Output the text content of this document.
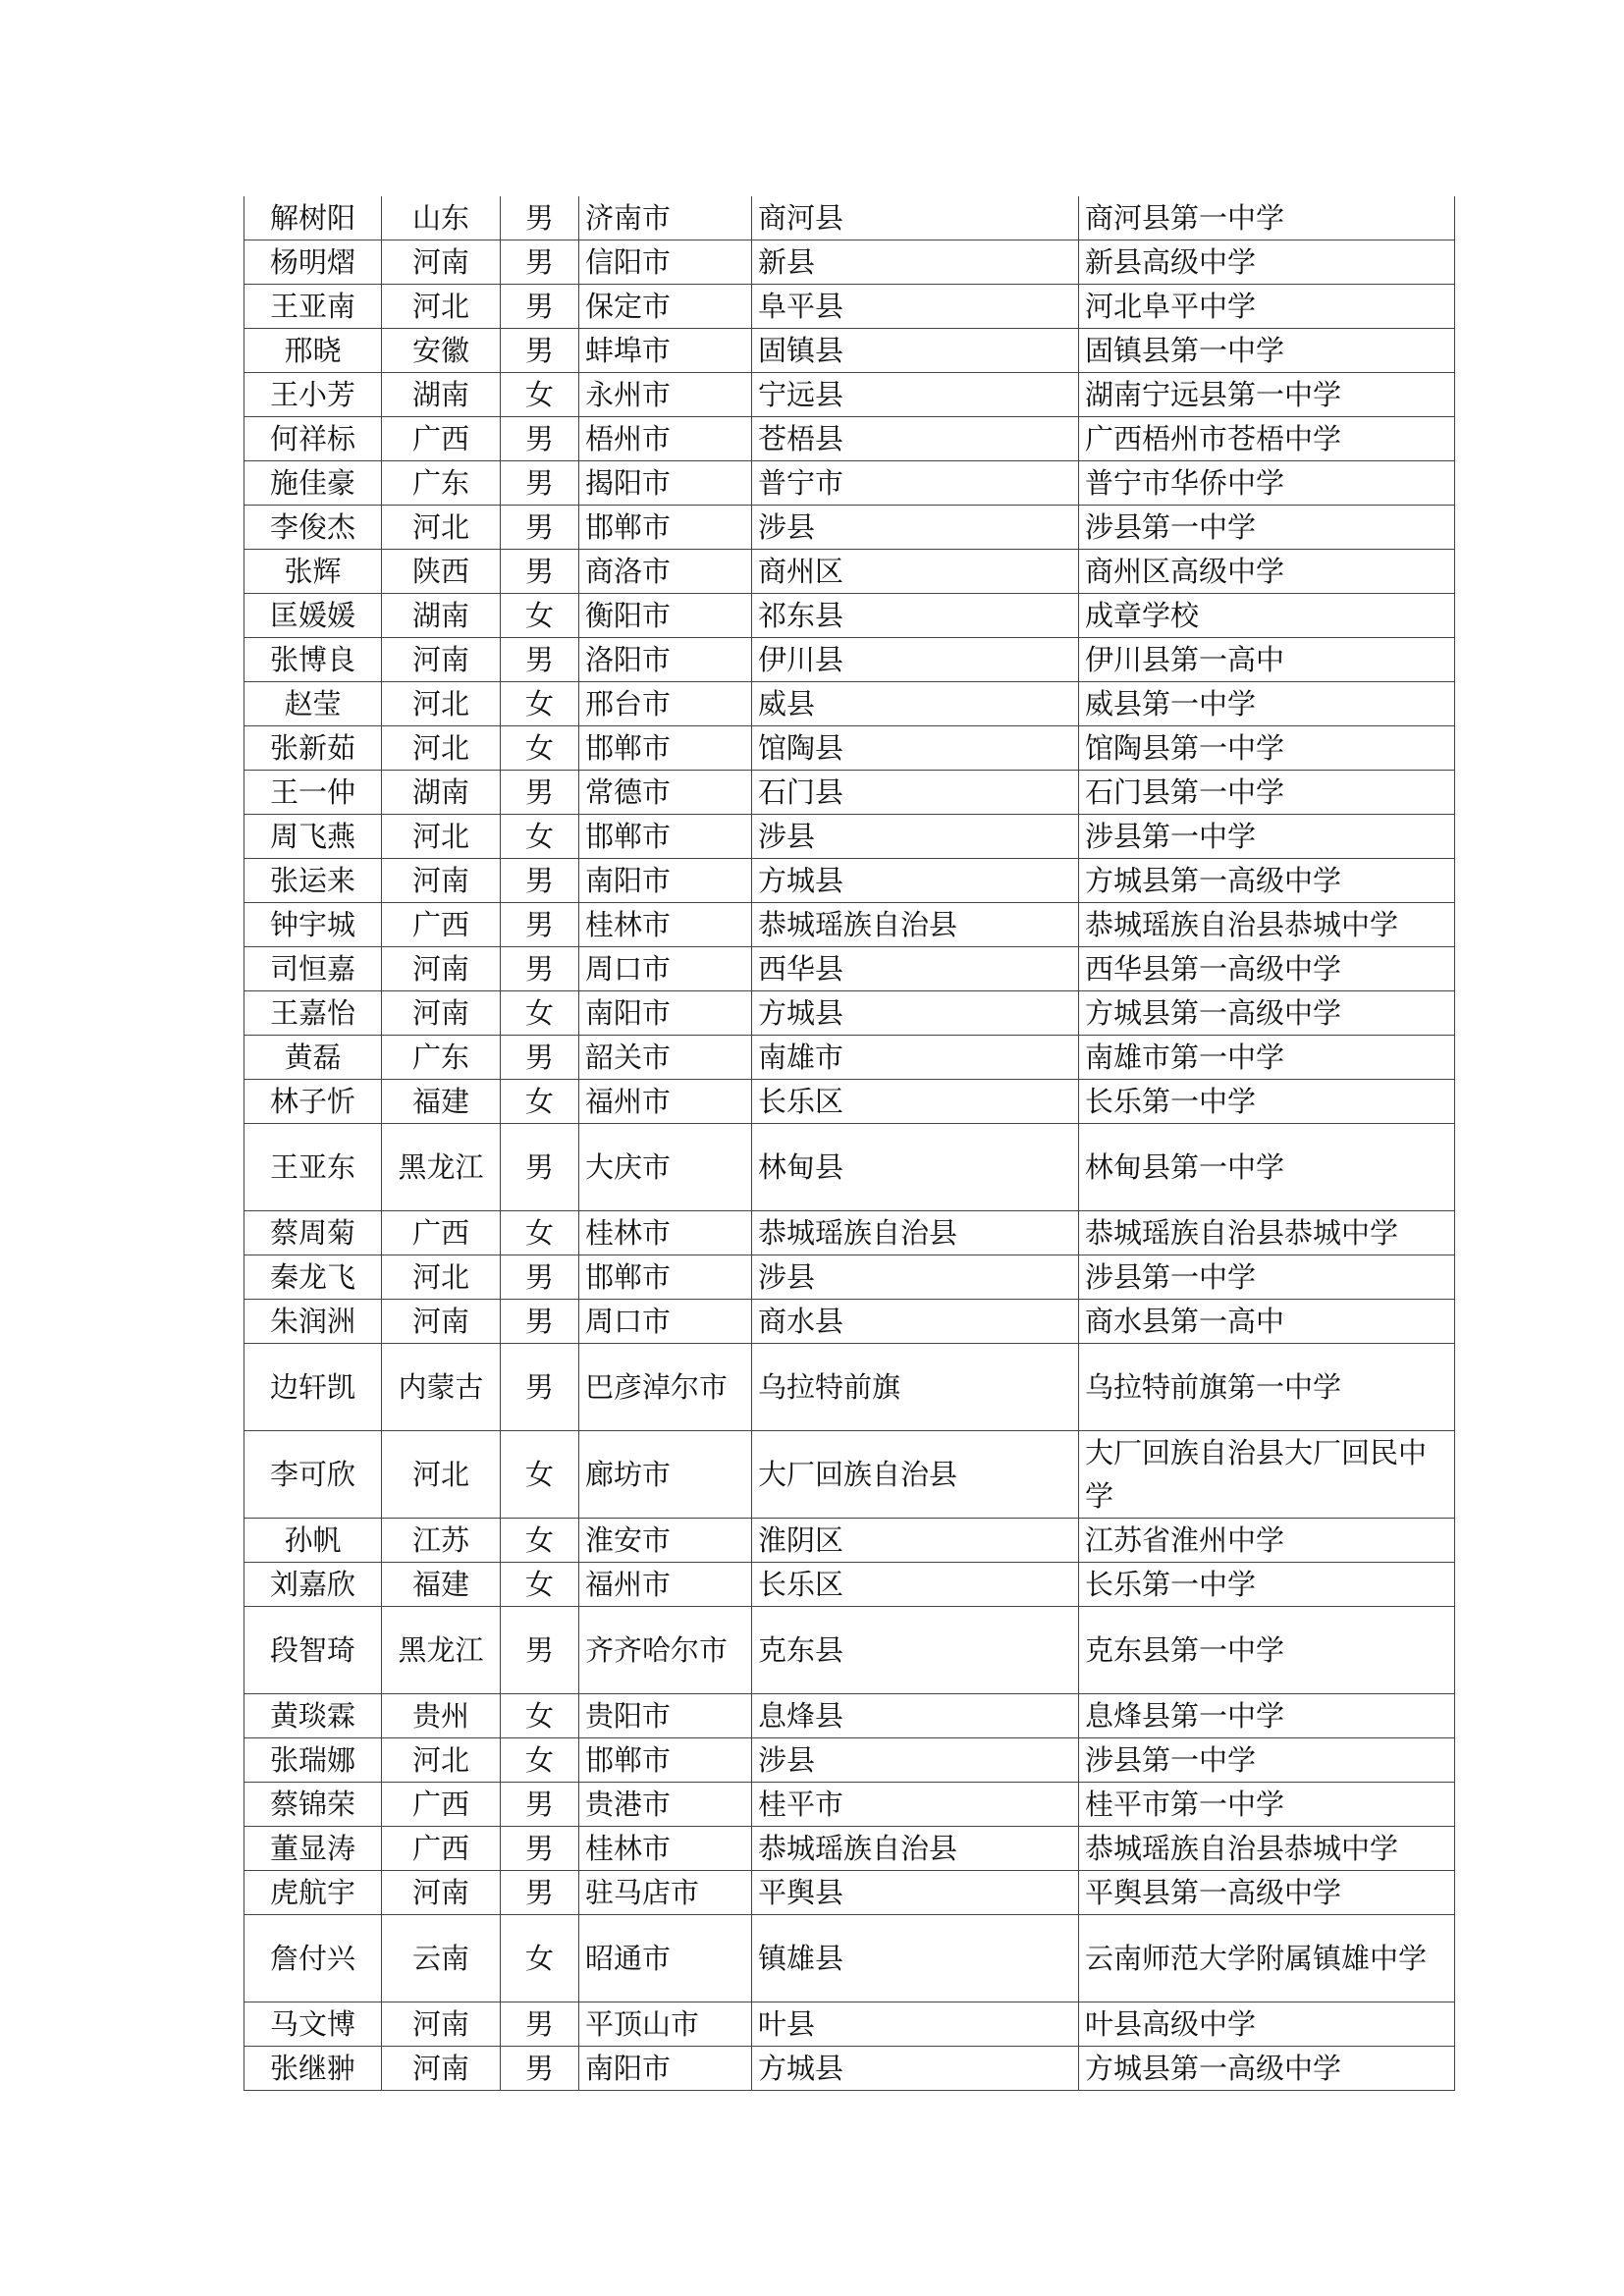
解树阳	山东	男	济南市	商河县	商河县第一中学
杨明熠	河南	男	信阳市	新县	新县高级中学
王亚南	河北	男	保定市	阜平县	河北阜平中学
邢晓	安徽	男	蚌埠市	固镇县	固镇县第一中学
王小芳	湖南	女	永州市	宁远县	湖南宁远县第一中学
何祥标	广西	男	梧州市	苍梧县	广西梧州市苍梧中学
施佳豪	广东	男	揭阳市	普宁市	普宁市华侨中学
李俊杰	河北	男	邯郸市	涉县	涉县第一中学
张辉	陕西	男	商洛市	商州区	商州区高级中学
匡媛媛	湖南	女	衡阳市	祁东县	成章学校
张博良	河南	男	洛阳市	伊川县	伊川县第一高中
赵莹	河北	女	邢台市	威县	威县第一中学
张新茹	河北	女	邯郸市	馆陶县	馆陶县第一中学
王一仲	湖南	男	常德市	石门县	石门县第一中学
周飞燕	河北	女	邯郸市	涉县	涉县第一中学
张运来	河南	男	南阳市	方城县	方城县第一高级中学
钟宇城	广西	男	桂林市	恭城瑶族自治县	恭城瑶族自治县恭城中学
司恒嘉	河南	男	周口市	西华县	西华县第一高级中学
王嘉怡	河南	女	南阳市	方城县	方城县第一高级中学
黄磊	广东	男	韶关市	南雄市	南雄市第一中学
林子忻	福建	女	福州市	长乐区	长乐第一中学
王亚东	黑龙江	男	大庆市	林甸县	林甸县第一中学
蔡周菊	广西	女	桂林市	恭城瑶族自治县	恭城瑶族自治县恭城中学
秦龙飞	河北	男	邯郸市	涉县	涉县第一中学
朱润洲	河南	男	周口市	商水县	商水县第一高中
边轩凯	内蒙古	男	巴彦淖尔市	乌拉特前旗	乌拉特前旗第一中学
李可欣	河北	女	廊坊市	大厂回族自治县	大厂回族自治县大厂回民中学
孙帆	江苏	女	淮安市	淮阴区	江苏省淮州中学
刘嘉欣	福建	女	福州市	长乐区	长乐第一中学
段智琦	黑龙江	男	齐齐哈尔市	克东县	克东县第一中学
黄琰霖	贵州	女	贵阳市	息烽县	息烽县第一中学
张瑞娜	河北	女	邯郸市	涉县	涉县第一中学
蔡锦荣	广西	男	贵港市	桂平市	桂平市第一中学
董显涛	广西	男	桂林市	恭城瑶族自治县	恭城瑶族自治县恭城中学
虎航宇	河南	男	驻马店市	平舆县	平舆县第一高级中学
詹付兴	云南	女	昭通市	镇雄县	云南师范大学附属镇雄中学
马文博	河南	男	平顶山市	叶县	叶县高级中学
张继翀	河南	男	南阳市	方城县	方城县第一高级中学
